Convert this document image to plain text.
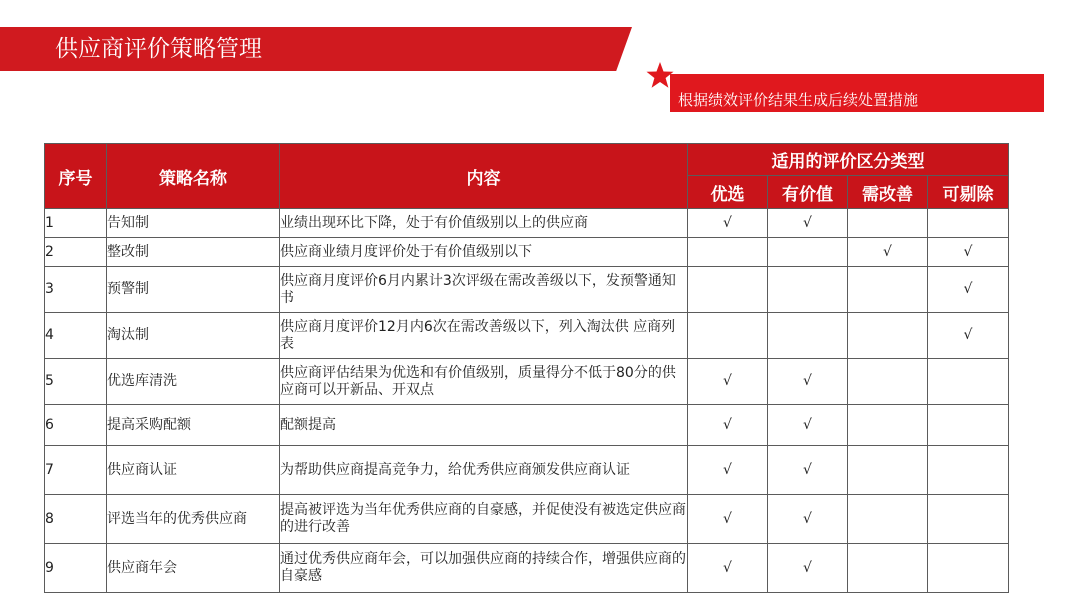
供应商评价策略管理
根据绩效评价结果生成后续处置措施
序号	策略名称	内容	适用的评价区分类型			
			优选	有价值	需改善	可剔除
1	告知制	业绩出现环比下降，处于有价值级别以上的供应商	√	√		
2	整改制	供应商业绩月度评价处于有价值级别以下			√	√
3	预警制	供应商月度评价6月内累计3次评级在需改善级以下，发预警通知书				√
4	淘汰制	供应商月度评价12月内6次在需改善级以下，列入淘汰供 应商列表				√
5	优选库清洗	供应商评估结果为优选和有价值级别，质量得分不低于80分的供应商可以开新品、开双点	√	√		
6	提高采购配额	配额提高	√	√		
7	供应商认证	为帮助供应商提高竞争力，给优秀供应商颁发供应商认证	√	√		
8	评选当年的优秀供应商	提高被评选为当年优秀供应商的自豪感，并促使没有被选定供应商的进行改善	√	√		
9	供应商年会	通过优秀供应商年会，可以加强供应商的持续合作，增强供应商的自豪感	√	√		
